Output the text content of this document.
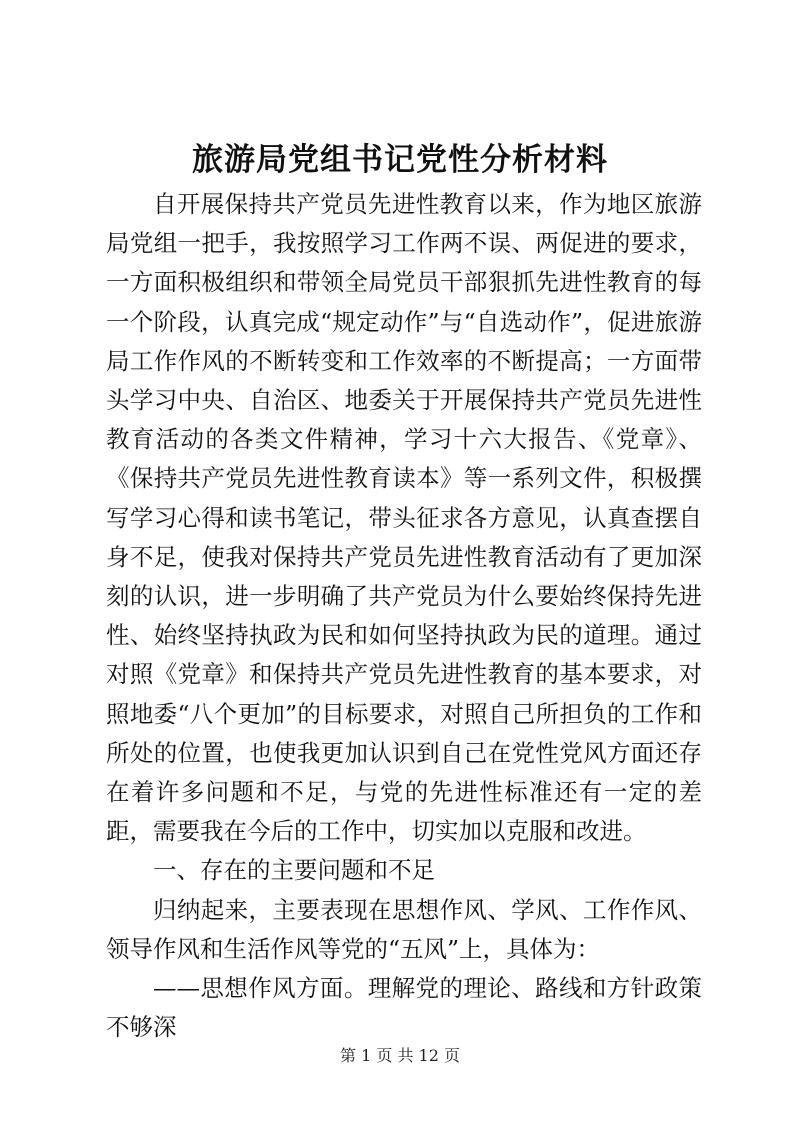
旅游局党组书记党性分析材料

自开展保持共产党员先进性教育以来，作为地区旅游局党组一把手，我按照学习工作两不误、两促进的要求，一方面积极组织和带领全局党员干部狠抓先进性教育的每一个阶段，认真完成“规定动作”与“自选动作”，促进旅游局工作作风的不断转变和工作效率的不断提高；一方面带头学习中央、自治区、地委关于开展保持共产党员先进性教育活动的各类文件精神，学习十六大报告、《党章》、《保持共产党员先进性教育读本》等一系列文件，积极撰写学习心得和读书笔记，带头征求各方意见，认真查摆自身不足，使我对保持共产党员先进性教育活动有了更加深刻的认识，进一步明确了共产党员为什么要始终保持先进性、始终坚持执政为民和如何坚持执政为民的道理。通过对照《党章》和保持共产党员先进性教育的基本要求，对照地委“八个更加”的目标要求，对照自己所担负的工作和所处的位置，也使我更加认识到自己在党性党风方面还存在着许多问题和不足，与党的先进性标准还有一定的差距，需要我在今后的工作中，切实加以克服和改进。

一、存在的主要问题和不足

归纳起来，主要表现在思想作风、学风、工作作风、领导作风和生活作风等党的“五风”上，具体为：

——思想作风方面。理解党的理论、路线和方针政策不够深

第 1 页 共 12 页
